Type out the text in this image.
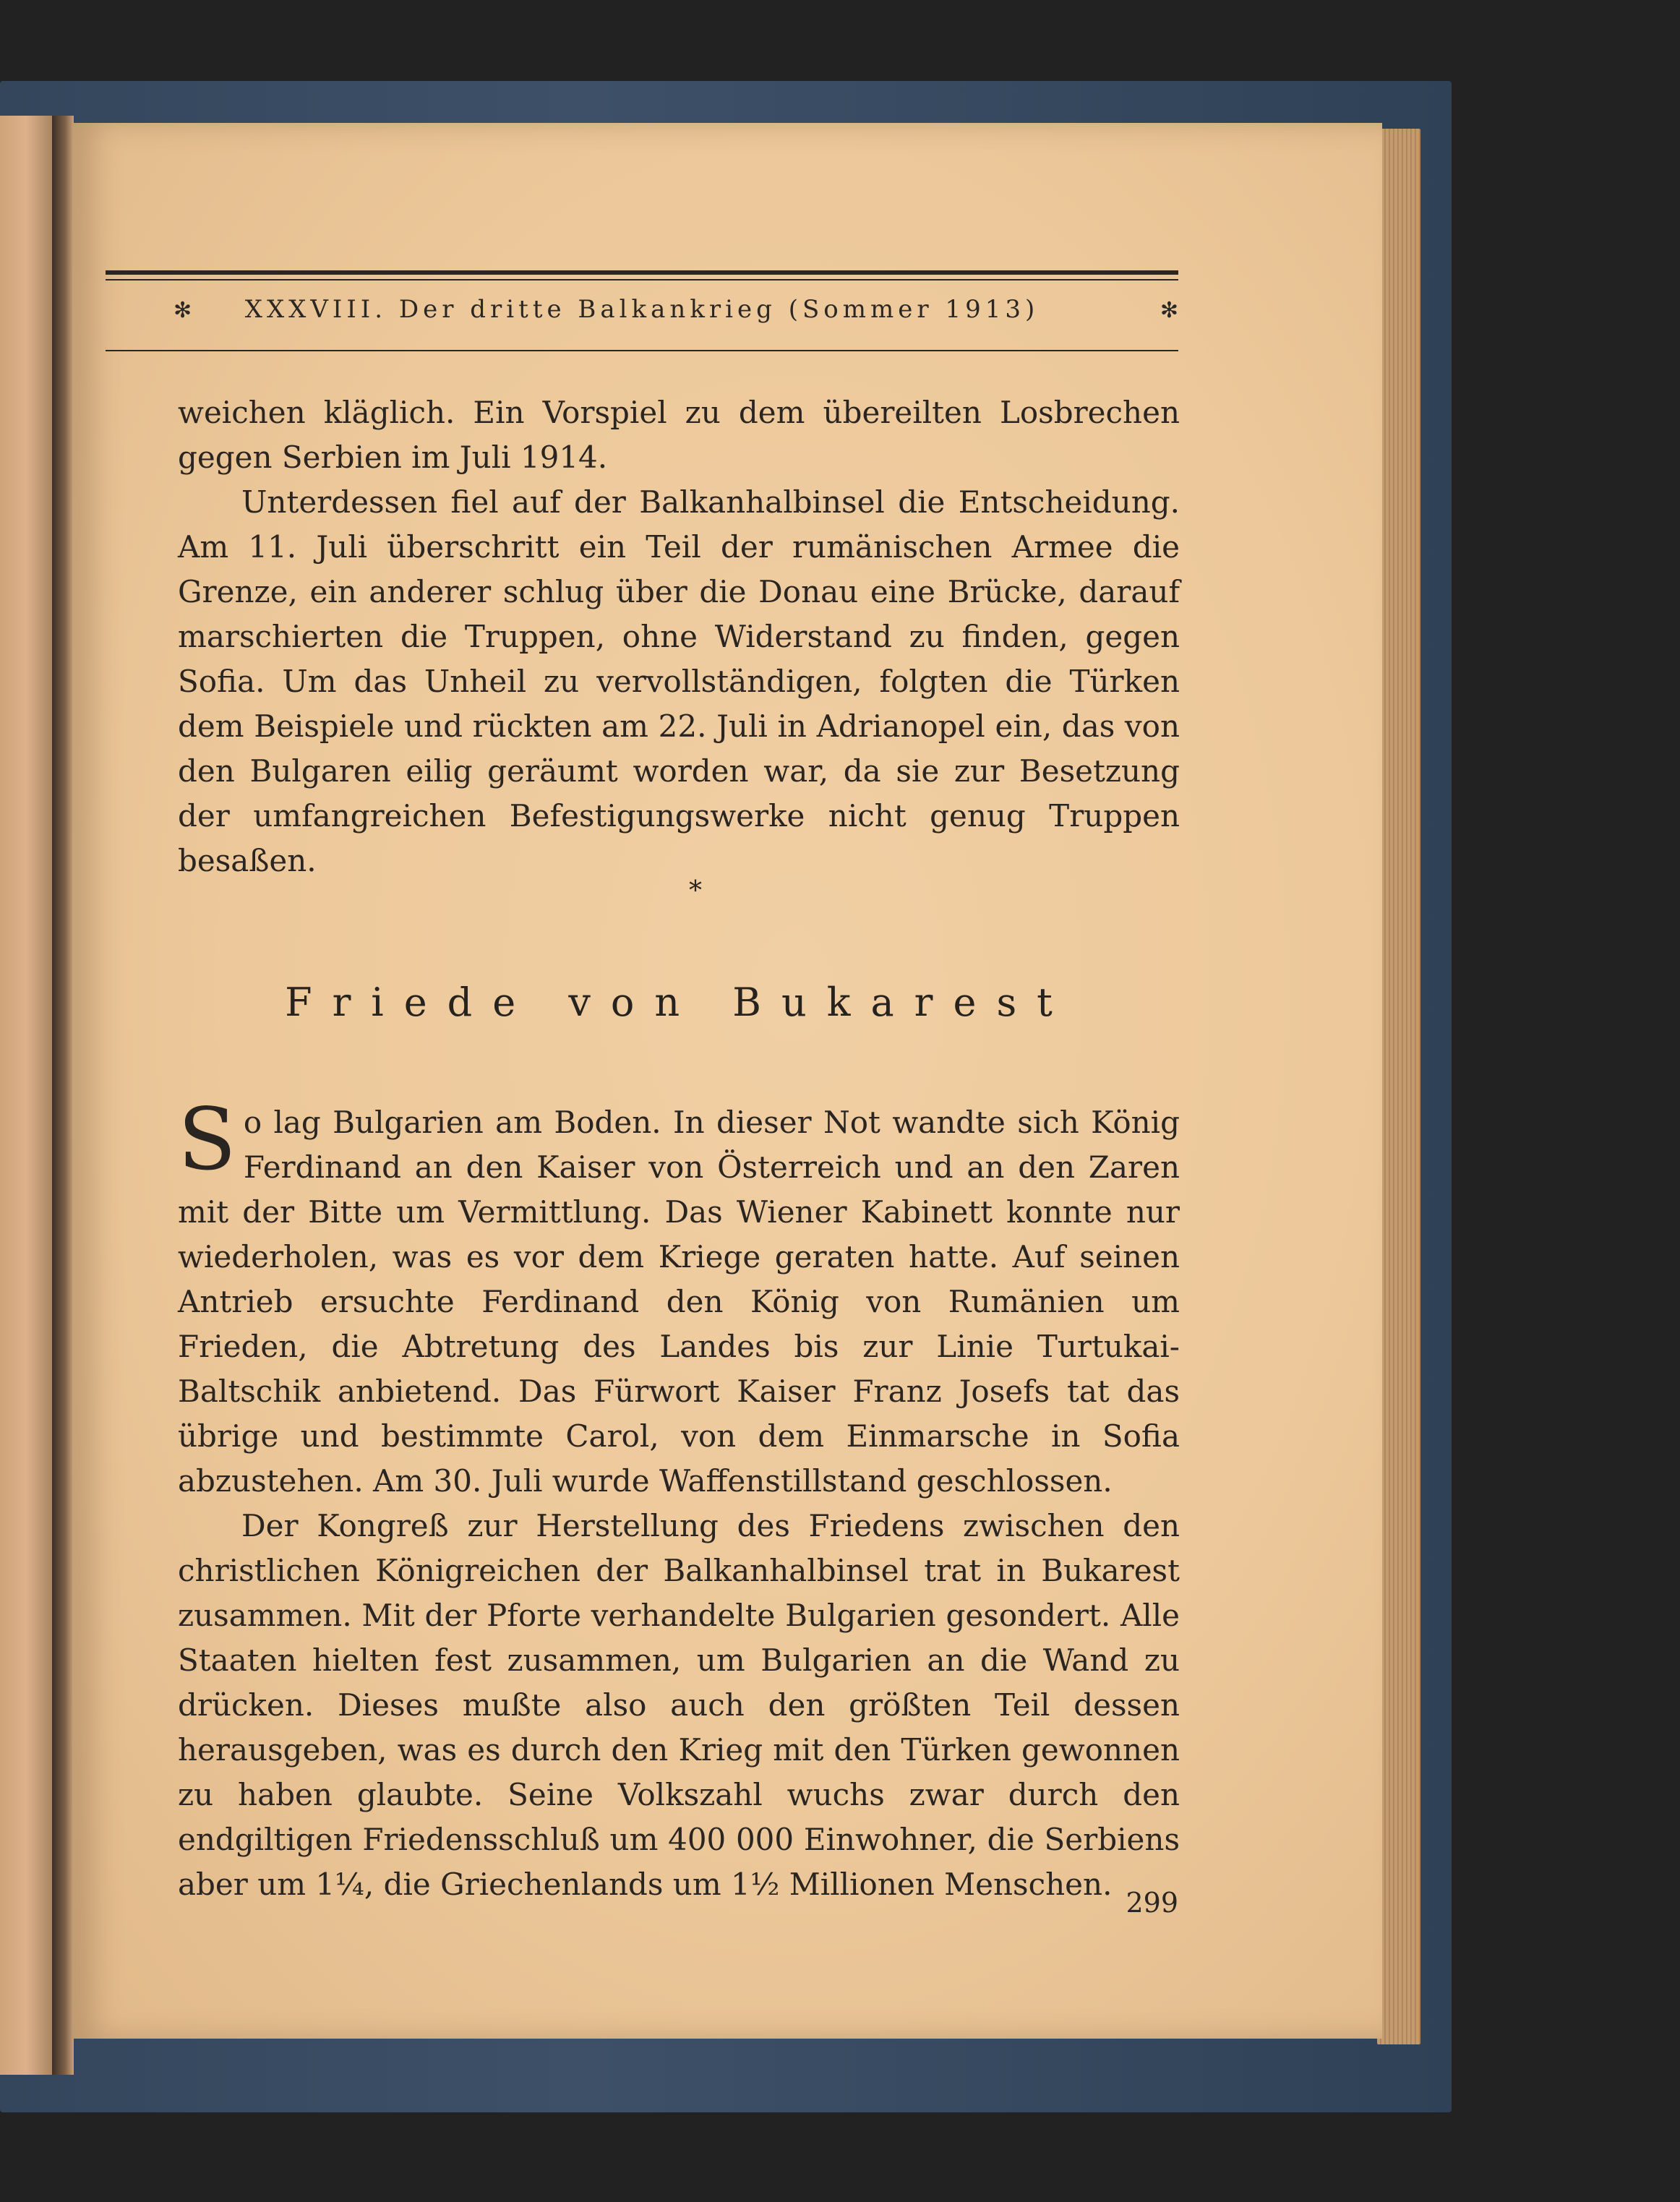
✻	XXXVIII. Der dritte Balkankrieg (Sommer 1913)	✻

weichen kläglich. Ein Vorspiel zu dem übereilten Losbrechen gegen Serbien im Juli 1914.

Unterdessen fiel auf der Balkanhalbinsel die Entscheidung. Am 11. Juli überschritt ein Teil der rumänischen Armee die Grenze, ein anderer schlug über die Donau eine Brücke, darauf marschierten die Truppen, ohne Widerstand zu finden, gegen Sofia. Um das Unheil zu vervollständigen, folgten die Türken dem Beispiele und rückten am 22. Juli in Adrianopel ein, das von den Bulgaren eilig geräumt worden war, da sie zur Besetzung der umfangreichen Befestigungswerke nicht genug Truppen besaßen.

*
Friede von Bukarest

So lag Bulgarien am Boden. In dieser Not wandte sich König Ferdinand an den Kaiser von Österreich und an den Zaren mit der Bitte um Vermittlung. Das Wiener Kabinett konnte nur wiederholen, was es vor dem Kriege geraten hatte. Auf seinen Antrieb ersuchte Ferdinand den König von Rumänien um Frieden, die Abtretung des Landes bis zur Linie Turtukai-Baltschik anbietend. Das Fürwort Kaiser Franz Josefs tat das übrige und bestimmte Carol, von dem Einmarsche in Sofia abzustehen. Am 30. Juli wurde Waffenstillstand geschlossen.

Der Kongreß zur Herstellung des Friedens zwischen den christlichen Königreichen der Balkanhalbinsel trat in Bukarest zusammen. Mit der Pforte verhandelte Bulgarien gesondert. Alle Staaten hielten fest zusammen, um Bulgarien an die Wand zu drücken. Dieses mußte also auch den größten Teil dessen herausgeben, was es durch den Krieg mit den Türken gewonnen zu haben glaubte. Seine Volkszahl wuchs zwar durch den endgiltigen Friedensschluß um 400 000 Einwohner, die Serbiens aber um 1¼, die Griechenlands um 1½ Millionen Menschen.

299
